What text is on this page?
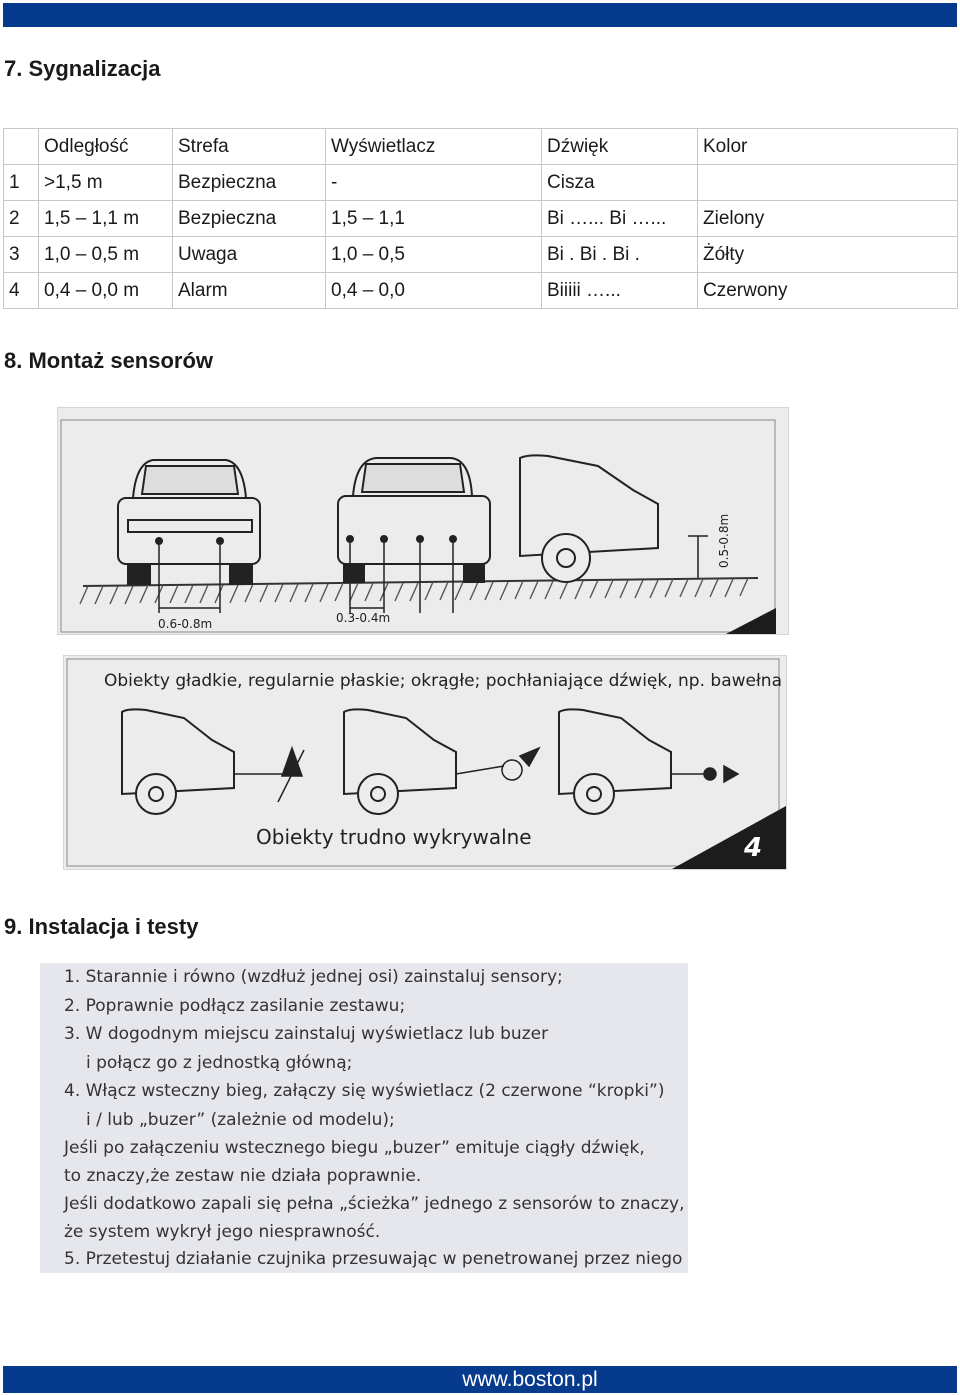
7. Sygnalizacja
	Odległość	Strefa	Wyświetlacz	Dźwięk	Kolor
1	>1,5 m	Bezpieczna	-	Cisza	
2	1,5 – 1,1 m	Bezpieczna	1,5 – 1,1	Bi …... Bi …...	Zielony
3	1,0 – 0,5 m	Uwaga	1,0 – 0,5	Bi . Bi . Bi .	Żółty
4	0,4 – 0,0 m	Alarm	0,4 – 0,0	Biiiii …...	Czerwony
8. Montaż sensorów
0.6-0.8m	0.3-0.4m
0.5-0.8m
Obiekty gładkie, regularnie płaskie; okrągłe; pochłaniające dźwięk, np. bawełna
Obiekty trudno wykrywalne	4
9. Instalacja i testy
1. Starannie i równo (wzdłuż jednej osi) zainstaluj sensory;
2. Poprawnie podłącz zasilanie zestawu;
3. W dogodnym miejscu zainstaluj wyświetlacz lub buzer
i połącz go z jednostką główną;
4. Włącz wsteczny bieg, załączy się wyświetlacz (2 czerwone “kropki”)
i / lub „buzer” (zależnie od modelu);
Jeśli po załączeniu wstecznego biegu „buzer” emituje ciągły dźwięk,
to znaczy,że zestaw nie działa poprawnie.
Jeśli dodatkowo zapali się pełna „ścieżka” jednego z sensorów to znaczy,
że system wykrył jego niesprawność.
5. Przetestuj działanie czujnika przesuwając w penetrowanej przez niego
www.boston.pl
